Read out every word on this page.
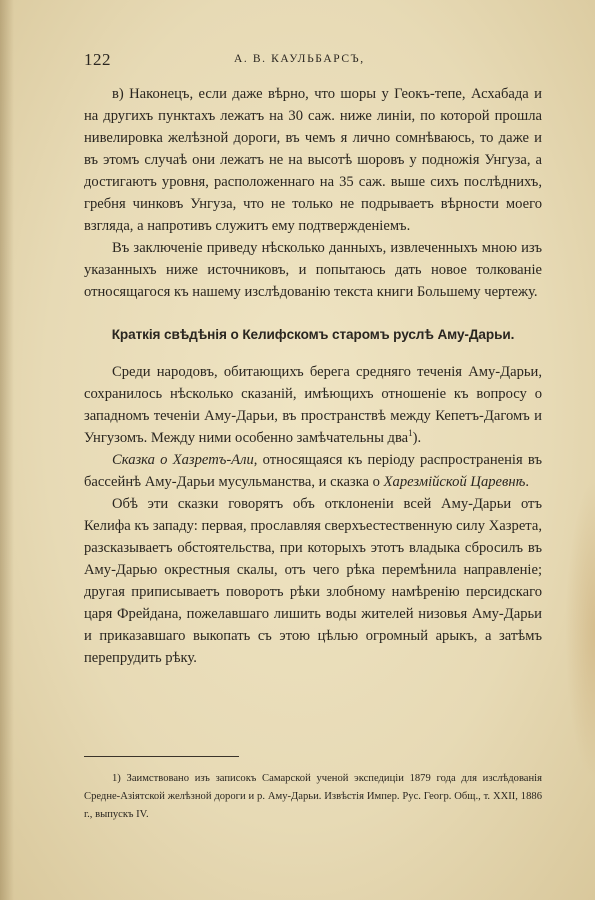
122	А. В. КАУЛЬБАРСЪ,

в) Наконецъ, если даже вѣрно, что шоры у Геокъ-тепе, Асхабада и на другихъ пунктахъ лежатъ на 30 саж. ниже линіи, по которой прошла нивелировка желѣзной дороги, въ чемъ я лично сомнѣваюсь, то даже и въ этомъ случаѣ они лежатъ не на высотѣ шоровъ у подножія Унгуза, а достигаютъ уровня, расположеннаго на 35 саж. выше сихъ послѣднихъ, гребня чинковъ Унгуза, что не только не подрываетъ вѣрности моего взгляда, а напротивъ служитъ ему подтвержденіемъ.

Въ заключеніе приведу нѣсколько данныхъ, извлеченныхъ мною изъ указанныхъ ниже источниковъ, и попытаюсь дать новое толкованіе относящагося къ нашему изслѣдованію текста книги Большему чертежу.

Краткія свѣдѣнія о Келифскомъ старомъ руслѣ Аму-Дарьи.

Среди народовъ, обитающихъ берега средняго теченія Аму-Дарьи, сохранилось нѣсколько сказаній, имѣющихъ отношеніе къ вопросу о западномъ теченіи Аму-Дарьи, въ пространствѣ между Кепетъ-Дагомъ и Унгузомъ. Между ними особенно замѣчательны два$^1$).

Сказка о Хазретъ-Али, относящаяся къ періоду распространенія въ бассейнѣ Аму-Дарьи мусульманства, и сказка о Харезмійской Царевнѣ.

Обѣ эти сказки говорятъ объ отклоненіи всей Аму-Дарьи отъ Келифа къ западу: первая, прославляя сверхъестественную силу Хазрета, разсказываетъ обстоятельства, при которыхъ этотъ владыка сбросилъ въ Аму-Дарью окрестныя скалы, отъ чего рѣка перемѣнила направленіе; другая приписываетъ поворотъ рѣки злобному намѣренію персидскаго царя Фрейдана, пожелавшаго лишить воды жителей низовья Аму-Дарьи и приказавшаго выкопать съ этою цѣлью огромный арыкъ, а затѣмъ перепрудить рѣку.

1) Заимствовано изъ записокъ Самарской ученой экспедиціи 1879 года для изслѣдованія Средне-Азіятской желѣзной дороги и р. Аму-Дарьи. Извѣстія Импер. Рус. Геогр. Общ., т. XXII, 1886 г., выпускъ IV.
